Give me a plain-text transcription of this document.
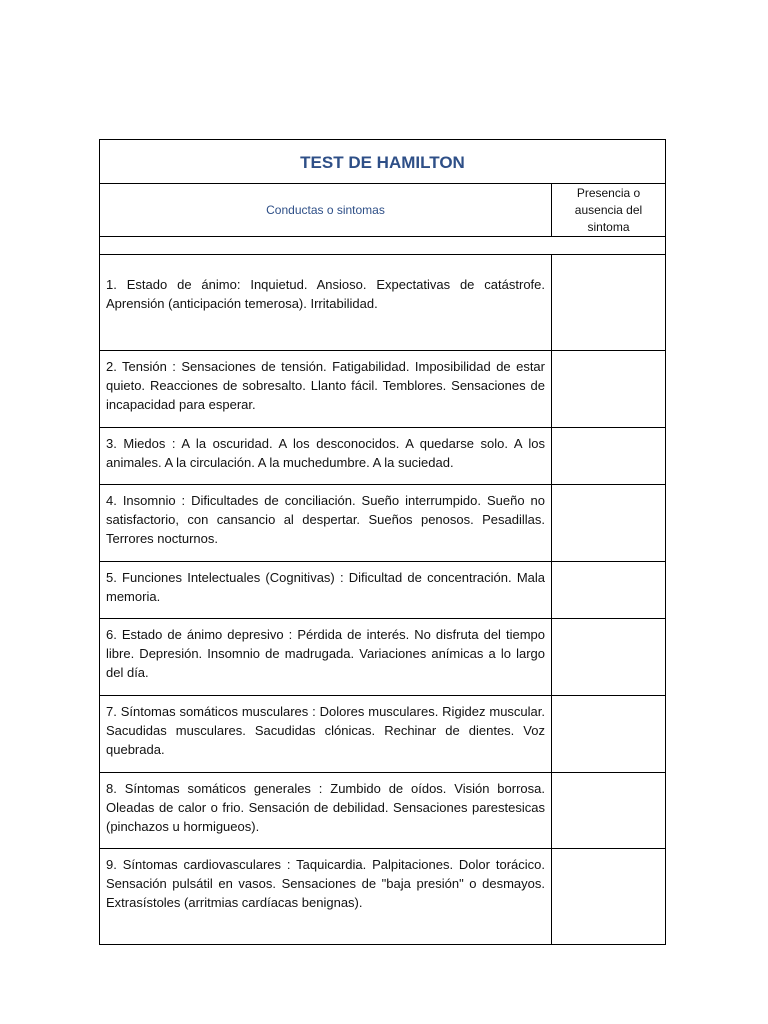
TEST DE HAMILTON	
Conductas o sintomas	Presencia o ausencia del sintoma

1. Estado de ánimo: Inquietud. Ansioso. Expectativas de catástrofe. Aprensión (anticipación temerosa). Irritabilidad.	

2. Tensión : Sensaciones de tensión. Fatigabilidad. Imposibilidad de estar quieto. Reacciones de sobresalto. Llanto fácil. Temblores. Sensaciones de incapacidad para esperar.	

3. Miedos : A la oscuridad. A los desconocidos. A quedarse solo. A los animales. A la circulación. A la muchedumbre. A la suciedad.	

4. Insomnio : Dificultades de conciliación. Sueño interrumpido. Sueño no satisfactorio, con cansancio al despertar. Sueños penosos. Pesadillas. Terrores nocturnos.	

5. Funciones Intelectuales (Cognitivas) : Dificultad de concentración. Mala memoria.	

6. Estado de ánimo depresivo : Pérdida de interés. No disfruta del tiempo libre. Depresión. Insomnio de madrugada. Variaciones anímicas a lo largo del día.	

7. Síntomas somáticos musculares : Dolores musculares. Rigidez muscular. Sacudidas musculares. Sacudidas clónicas. Rechinar de dientes. Voz quebrada.	

8. Síntomas somáticos generales : Zumbido de oídos. Visión borrosa. Oleadas de calor o frio. Sensación de debilidad. Sensaciones parestesicas (pinchazos u hormigueos).	

9. Síntomas cardiovasculares : Taquicardia. Palpitaciones. Dolor torácico. Sensación pulsátil en vasos. Sensaciones de "baja presión" o desmayos. Extrasístoles (arritmias cardíacas benignas).	
